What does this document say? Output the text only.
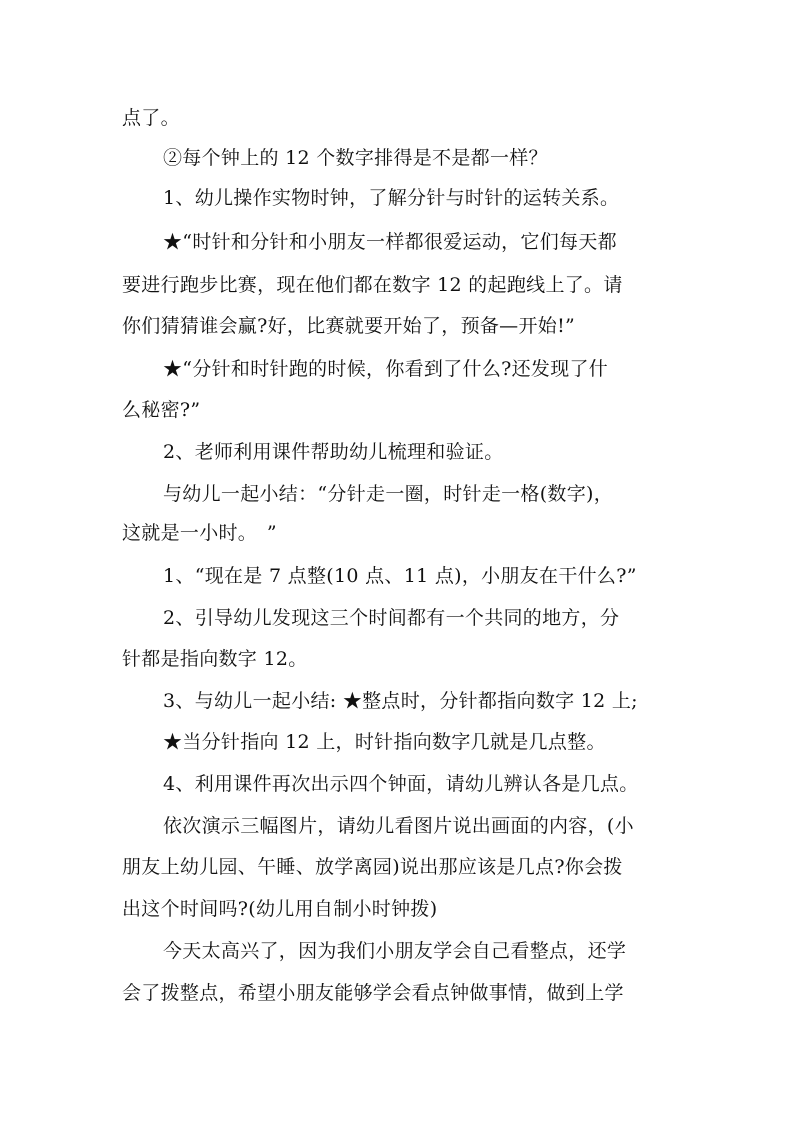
点了。
②每个钟上的 12 个数字排得是不是都一样？
1、幼儿操作实物时钟，了解分针与时针的运转关系。
★“时针和分针和小朋友一样都很爱运动，它们每天都
要进行跑步比赛，现在他们都在数字 12 的起跑线上了。请
你们猜猜谁会赢?好，比赛就要开始了，预备—开始!”
★“分针和时针跑的时候，你看到了什么?还发现了什
么秘密?”
2、老师利用课件帮助幼儿梳理和验证。
与幼儿一起小结：“分针走一圈，时针走一格(数字)，
这就是一小时。　”
1、“现在是 7 点整(10 点、11 点)，小朋友在干什么?”
2、引导幼儿发现这三个时间都有一个共同的地方，分
针都是指向数字 12。
3、与幼儿一起小结: ★整点时，分针都指向数字 12 上;
★当分针指向 12 上，时针指向数字几就是几点整。
4、利用课件再次出示四个钟面，请幼儿辨认各是几点。
依次演示三幅图片，请幼儿看图片说出画面的内容，(小
朋友上幼儿园、午睡、放学离园)说出那应该是几点?你会拨
出这个时间吗?(幼儿用自制小时钟拨)
今天太高兴了，因为我们小朋友学会自己看整点，还学
会了拨整点，希望小朋友能够学会看点钟做事情，做到上学
